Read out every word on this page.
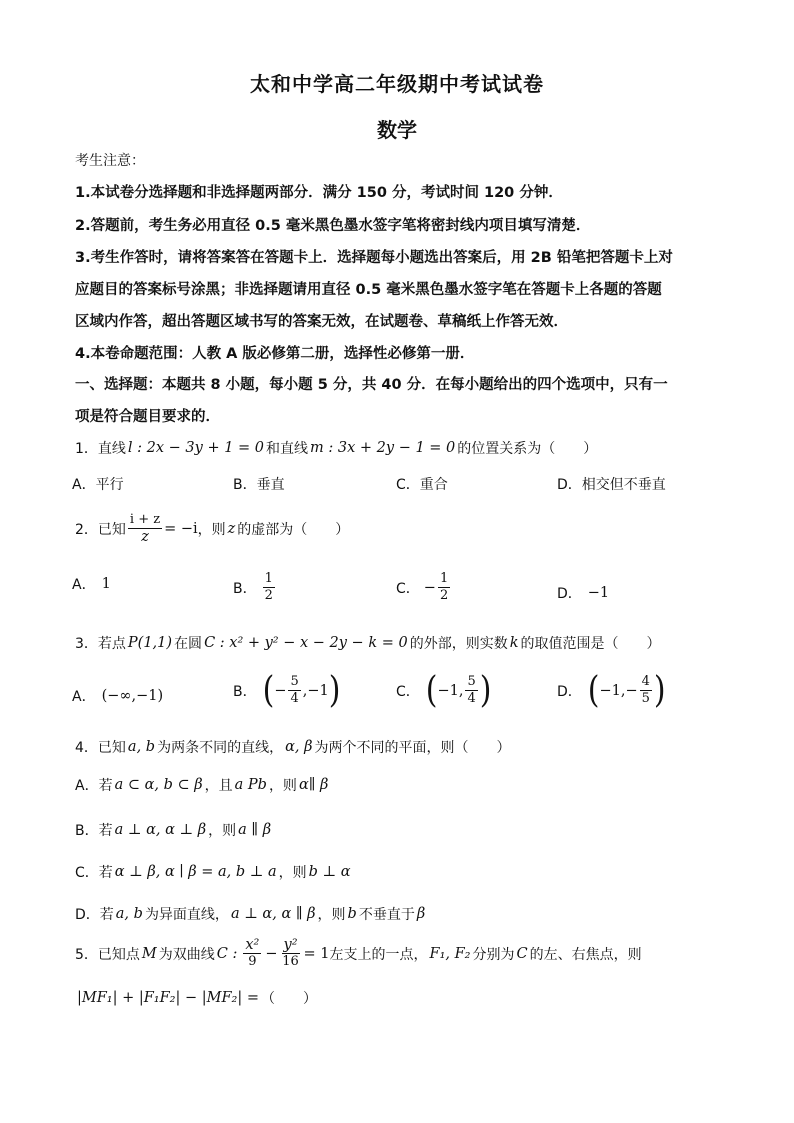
太和中学高二年级期中考试试卷
数学
考生注意：
1.本试卷分选择题和非选择题两部分．满分 150 分，考试时间 120 分钟．
2.答题前，考生务必用直径 0.5 毫米黑色墨水签字笔将密封线内项目填写清楚．
3.考生作答时，请将答案答在答题卡上．选择题每小题选出答案后，用 2B 铅笔把答题卡上对
应题目的答案标号涂黑；非选择题请用直径 0.5 毫米黑色墨水签字笔在答题卡上各题的答题
区域内作答，超出答题区域书写的答案无效，在试题卷、草稿纸上作答无效．
4.本卷命题范围：人教 A 版必修第二册，选择性必修第一册．
一、选择题：本题共 8 小题，每小题 5 分，共 40 分．在每小题给出的四个选项中，只有一
项是符合题目要求的．
1．直线 l : 2x − 3y + 1 = 0 和直线 m : 3x + 2y − 1 = 0 的位置关系为（　　）
A．平行	B．垂直	C．重合	D．相交但不垂直
2．已知 $\frac{i + z}{z} = -i$ ，则 z 的虚部为（　　）
A． 1	B． $\frac{1}{2}$	C． − $\frac{1}{2}$	D． −1
3．若点 P(1,1) 在圆 C : x² + y² − x − 2y − k = 0 的外部，则实数 k 的取值范围是（　　）
A． (−∞,−1)	B． ( − $\frac{5}{4} ,-1$ )	C． ( −1, $\frac{5}{4}$ )	D． ( $-1,- \frac{4}{5}$ )
4．已知 a, b 为两条不同的直线， α, β 为两个不同的平面，则（　　）
A．若 a ⊂ α, b ⊂ β ，且 a Pb ，则 α∥ β
B．若 a ⊥ α, α ⊥ β ，则 a ∥ β
C．若 α ⊥ β, α ∣ β = a, b ⊥ a ，则 b ⊥ α
D．若 a, b 为异面直线， a ⊥ α, α ∥ β ，则 b 不垂直于 β
5．已知点 M 为双曲线 C : $\frac{\text{x²}}{9} - \frac{\text{y²}}{16} = 1$ 左支上的一点， F₁, F₂ 分别为 C 的左、右焦点，则
|MF₁| + |F₁F₂| − |MF₂| = （　　）
